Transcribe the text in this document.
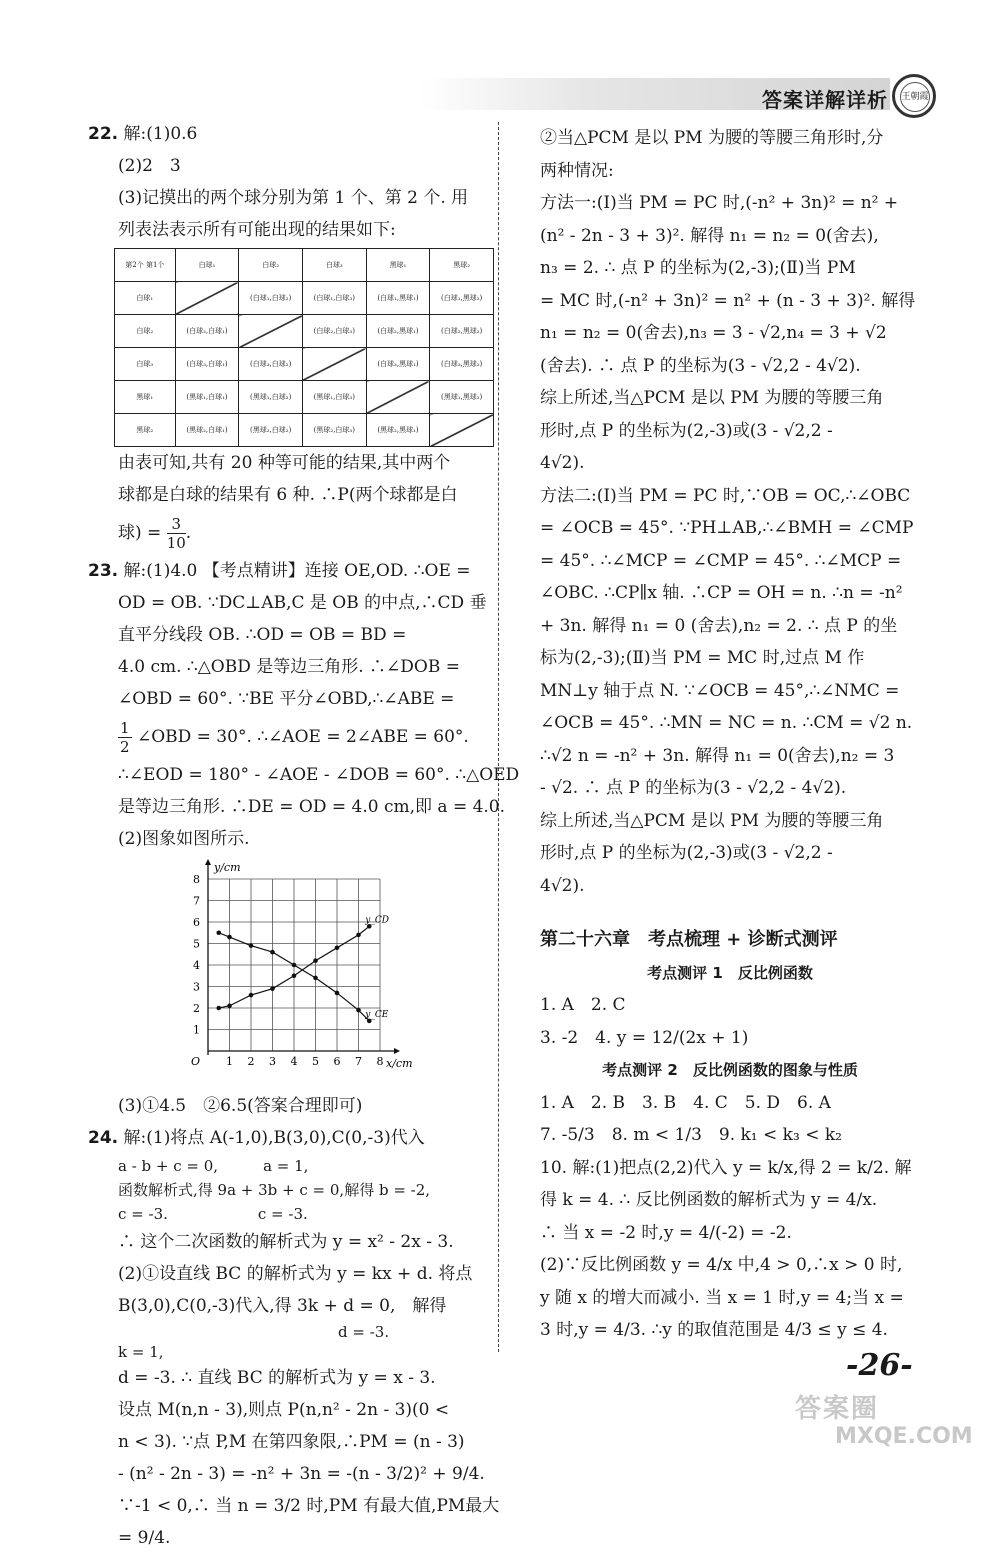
答案详解详析 王朝霞

22. 解:(1)0.6

(2)2　3

(3)记摸出的两个球分别为第 1 个、第 2 个. 用

列表法表示所有可能出现的结果如下:

第2个 第1个	白球₁	白球₂	白球₃	黑球₁	黑球₂
白球₁		(白球₁,白球₂)	(白球₁,白球₃)	(白球₁,黑球₁)	(白球₁,黑球₂)
白球₂	(白球₂,白球₁)		(白球₂,白球₃)	(白球₂,黑球₁)	(白球₂,黑球₂)
白球₃	(白球₃,白球₁)	(白球₃,白球₂)		(白球₃,黑球₁)	(白球₃,黑球₂)
黑球₁	(黑球₁,白球₁)	(黑球₁,白球₂)	(黑球₁,白球₃)		(黑球₁,黑球₂)
黑球₂	(黑球₂,白球₁)	(黑球₂,白球₂)	(黑球₂,白球₃)	(黑球₂,黑球₁)	

由表可知,共有 20 种等可能的结果,其中两个

球都是白球的结果有 6 种. ∴P(两个球都是白

球) = $\frac{3}{10}$ .

23. 解:(1)4.0 【考点精讲】连接 OE,OD. ∴OE =

OD = OB. ∵DC⊥AB,C 是 OB 的中点,∴CD 垂

直平分线段 OB. ∴OD = OB = BD =

4.0 cm. ∴△OBD 是等边三角形. ∴∠DOB =

∠OBD = 60°. ∵BE 平分∠OBD,∴∠ABE =

$\frac{1}{2}$ ∠OBD = 30°. ∴∠AOE = 2∠ABE = 60°.

∴∠EOD = 180° - ∠AOE - ∠DOB = 60°. ∴△OED

是等边三角形. ∴DE = OD = 4.0 cm,即 a = 4.0.

(2)图象如图所示.

1 2 3 4 5 6 7 8
1
2
3
4
5
6
7
8
O	x/cm
y/cm
y_CD
y_CE

(3)①4.5　②6.5(答案合理即可)

24. 解:(1)将点 A(-1,0),B(3,0),C(0,-3)代入

a - b + c = 0,　　　a = 1,

函数解析式,得 9a + 3b + c = 0,解得 b = -2,

c = -3.　　　　　　c = -3.

∴ 这个二次函数的解析式为 y = x² - 2x - 3.

(2)①设直线 BC 的解析式为 y = kx + d. 将点

B(3,0),C(0,-3)代入,得 3k + d = 0,　解得

d = -3.

k = 1,

d = -3. ∴ 直线 BC 的解析式为 y = x - 3.

设点 M(n,n - 3),则点 P(n,n² - 2n - 3)(0 <

n < 3). ∵点 P,M 在第四象限,∴PM = (n - 3)

- (n² - 2n - 3) = -n² + 3n = -(n - 3/2)² + 9/4.

∵-1 < 0,∴ 当 n = 3/2 时,PM 有最大值,PM最大

= 9/4.

②当△PCM 是以 PM 为腰的等腰三角形时,分

两种情况:

方法一:(Ⅰ)当 PM = PC 时,(-n² + 3n)² = n² +

(n² - 2n - 3 + 3)². 解得 n₁ = n₂ = 0(舍去),

n₃ = 2. ∴ 点 P 的坐标为(2,-3);(Ⅱ)当 PM

= MC 时,(-n² + 3n)² = n² + (n - 3 + 3)². 解得

n₁ = n₂ = 0(舍去),n₃ = 3 - √2,n₄ = 3 + √2

(舍去). ∴ 点 P 的坐标为(3 - √2,2 - 4√2).

综上所述,当△PCM 是以 PM 为腰的等腰三角

形时,点 P 的坐标为(2,-3)或(3 - √2,2 -

4√2).

方法二:(Ⅰ)当 PM = PC 时,∵OB = OC,∴∠OBC

= ∠OCB = 45°. ∵PH⊥AB,∴∠BMH = ∠CMP

= 45°. ∴∠MCP = ∠CMP = 45°. ∴∠MCP =

∠OBC. ∴CP∥x 轴. ∴CP = OH = n. ∴n = -n²

+ 3n. 解得 n₁ = 0 (舍去),n₂ = 2. ∴ 点 P 的坐

标为(2,-3);(Ⅱ)当 PM = MC 时,过点 M 作

MN⊥y 轴于点 N. ∵∠OCB = 45°,∴∠NMC =

∠OCB = 45°. ∴MN = NC = n. ∴CM = √2 n.

∴√2 n = -n² + 3n. 解得 n₁ = 0(舍去),n₂ = 3

- √2. ∴ 点 P 的坐标为(3 - √2,2 - 4√2).

综上所述,当△PCM 是以 PM 为腰的等腰三角

形时,点 P 的坐标为(2,-3)或(3 - √2,2 -

4√2).

第二十六章　考点梳理 + 诊断式测评

考点测评 1　反比例函数

1. A　2. C

3. -2　4. y = 12/(2x + 1)

考点测评 2　反比例函数的图象与性质

1. A　2. B　3. B　4. C　5. D　6. A

7. -5/3　8. m < 1/3　9. k₁ < k₃ < k₂

10. 解:(1)把点(2,2)代入 y = k/x,得 2 = k/2. 解

得 k = 4. ∴ 反比例函数的解析式为 y = 4/x.

∴ 当 x = -2 时,y = 4/(-2) = -2.

(2)∵反比例函数 y = 4/x 中,4 > 0,∴x > 0 时,

y 随 x 的增大而减小. 当 x = 1 时,y = 4;当 x =

3 时,y = 4/3. ∴y 的取值范围是 4/3 ≤ y ≤ 4.

-26-
答案圈
MXQE.COM
